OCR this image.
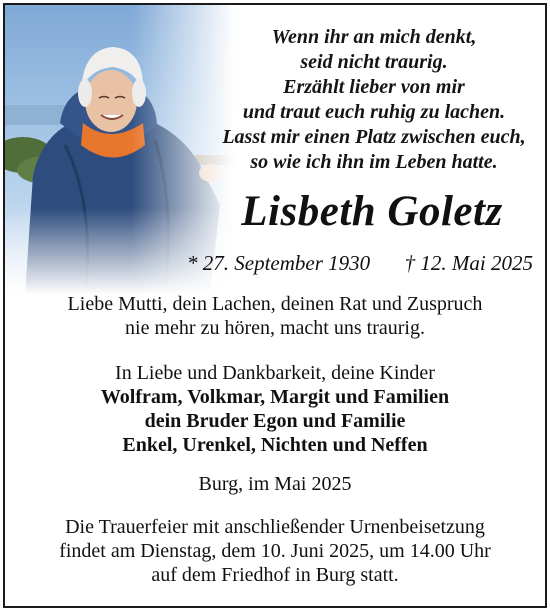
Wenn ihr an mich denkt,
seid nicht traurig.
Erzählt lieber von mir
und traut euch ruhig zu lachen.
Lasst mir einen Platz zwischen euch,
so wie ich ihn im Leben hatte.
Lisbeth Goletz
* 27. September 1930 † 12. Mai 2025
Liebe Mutti, dein Lachen, deinen Rat und Zuspruch
nie mehr zu hören, macht uns traurig.
In Liebe und Dankbarkeit, deine Kinder
Wolfram, Volkmar, Margit und Familien
dein Bruder Egon und Familie
Enkel, Urenkel, Nichten und Neffen
Burg, im Mai 2025
Die Trauerfeier mit anschließender Urnenbeisetzung
findet am Dienstag, dem 10. Juni 2025, um 14.00 Uhr
auf dem Friedhof in Burg statt.
